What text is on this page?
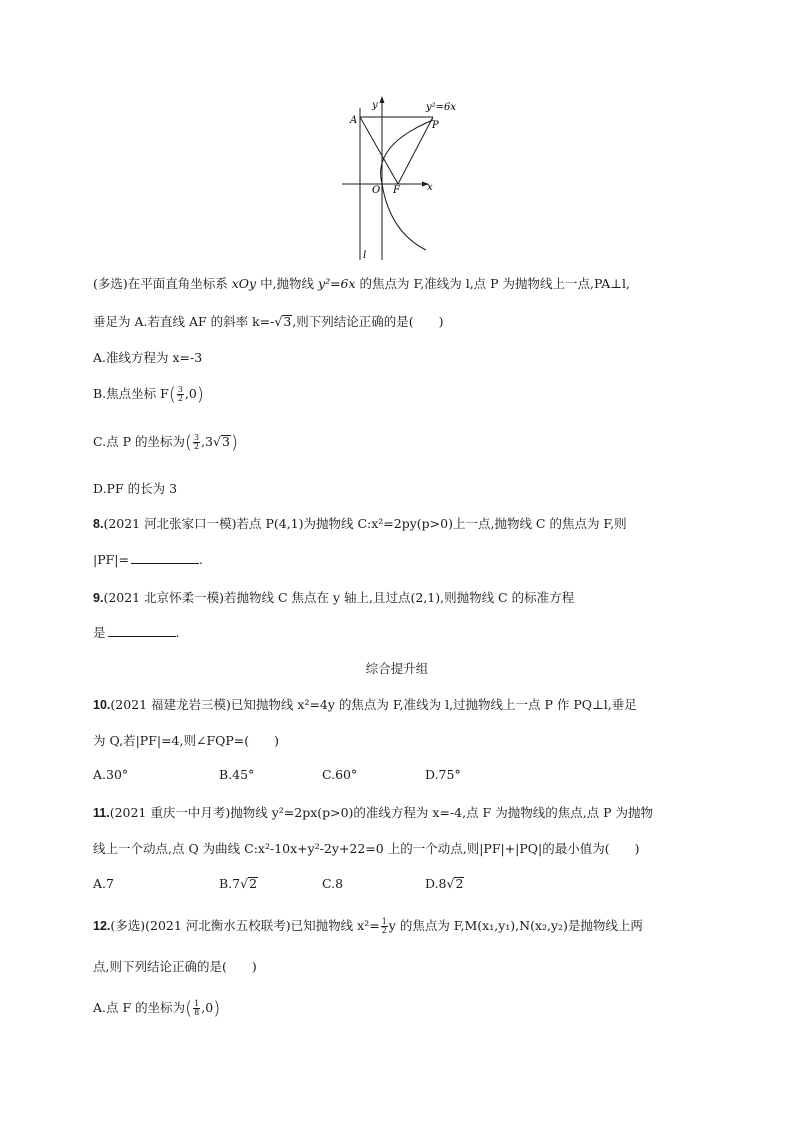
y	y²=6x
A	P
O F	x
l
(多选)在平面直角坐标系 xOy 中,抛物线 y²=6x 的焦点为 F,准线为 l,点 P 为抛物线上一点,PA⊥l,
垂足为 A.若直线 AF 的斜率 k=-√3,则下列结论正确的是(　　)
A.准线方程为 x=-3
B.焦点坐标 $F( \frac{3}{2} ,0)$
C.点 P 的坐标为( $\frac{3}{2} ,3√3$)
D.PF 的长为 3
8.(2021 河北张家口一模)若点 P(4,1)为抛物线 C:x²=2py(p>0)上一点,抛物线 C 的焦点为 F,则
|PF|=	.
9.(2021 北京怀柔一模)若抛物线 C 焦点在 y 轴上,且过点(2,1),则抛物线 C 的标准方程
是	.
综合提升组
10.(2021 福建龙岩三模)已知抛物线 x²=4y 的焦点为 F,准线为 l,过抛物线上一点 P 作 PQ⊥l,垂足
为 Q,若|PF|=4,则∠FQP=(　　)
A.30°	B.45°	C.60°	D.75°
11.(2021 重庆一中月考)抛物线 y²=2px(p>0)的准线方程为 x=-4,点 F 为抛物线的焦点,点 P 为抛物
线上一个动点,点 Q 为曲线 C:x²-10x+y²-2y+22=0 上的一个动点,则|PF|+|PQ|的最小值为(　　)
A.7	B.7√2	C.8	D.8√2
12.(多选)(2021 河北衡水五校联考)已知抛物线 $x^2= \frac{1}{2}$ y 的焦点为 F,M(x₁,y₁),N(x₂,y₂)是抛物线上两
点,则下列结论正确的是(　　)
A.点 F 的坐标为( $\frac{1}{8} ,0$)
